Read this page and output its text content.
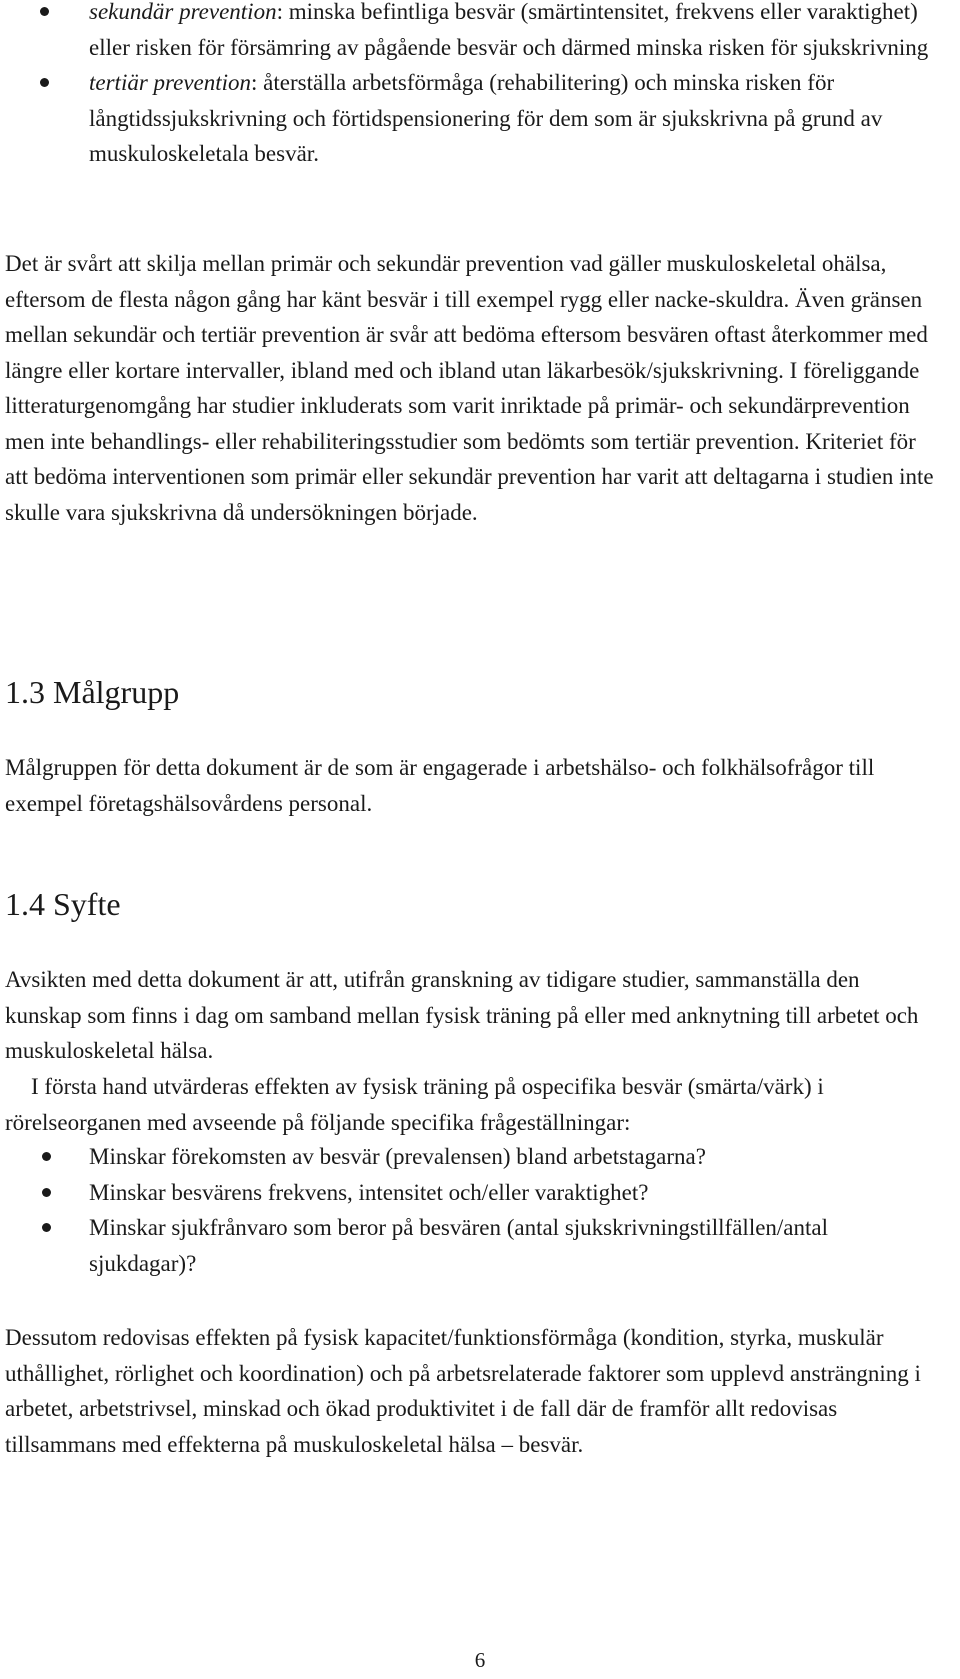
sekundär prevention: minska befintliga besvär (smärtintensitet, frekvens eller varaktighet) eller risken för försämring av pågående besvär och därmed minska risken för sjukskrivning
tertiär prevention: återställa arbetsförmåga (rehabilitering) och minska risken för långtidssjukskrivning och förtidspensionering för dem som är sjukskrivna på grund av muskuloskeletala besvär.

Det är svårt att skilja mellan primär och sekundär prevention vad gäller muskuloskeletal ohälsa, eftersom de flesta någon gång har känt besvär i till exempel rygg eller nacke-skuldra. Även gränsen mellan sekundär och tertiär prevention är svår att bedöma eftersom besvären oftast återkommer med längre eller kortare intervaller, ibland med och ibland utan läkarbesök/sjukskrivning. I föreliggande litteraturgenomgång har studier inkluderats som varit inriktade på primär- och sekundärprevention men inte behandlings- eller rehabiliteringsstudier som bedömts som tertiär prevention. Kriteriet för att bedöma interventionen som primär eller sekundär prevention har varit att deltagarna i studien inte skulle vara sjukskrivna då undersökningen började.

1.3 Målgrupp

Målgruppen för detta dokument är de som är engagerade i arbetshälso- och folkhälsofrågor till exempel företagshälsovårdens personal.

1.4 Syfte

Avsikten med detta dokument är att, utifrån granskning av tidigare studier, sammanställa den kunskap som finns i dag om samband mellan fysisk träning på eller med anknytning till arbetet och muskuloskeletal hälsa.

I första hand utvärderas effekten av fysisk träning på ospecifika besvär (smärta/värk) i rörelseorganen med avseende på följande specifika frågeställningar:

Minskar förekomsten av besvär (prevalensen) bland arbetstagarna?
Minskar besvärens frekvens, intensitet och/eller varaktighet?
Minskar sjukfrånvaro som beror på besvären (antal sjukskrivningstillfällen/antal sjukdagar)?

Dessutom redovisas effekten på fysisk kapacitet/funktionsförmåga (kondition, styrka, muskulär uthållighet, rörlighet och koordination) och på arbetsrelaterade faktorer som upplevd ansträngning i arbetet, arbetstrivsel, minskad och ökad produktivitet i de fall där de framför allt redovisas tillsammans med effekterna på muskuloskeletal hälsa – besvär.

6
